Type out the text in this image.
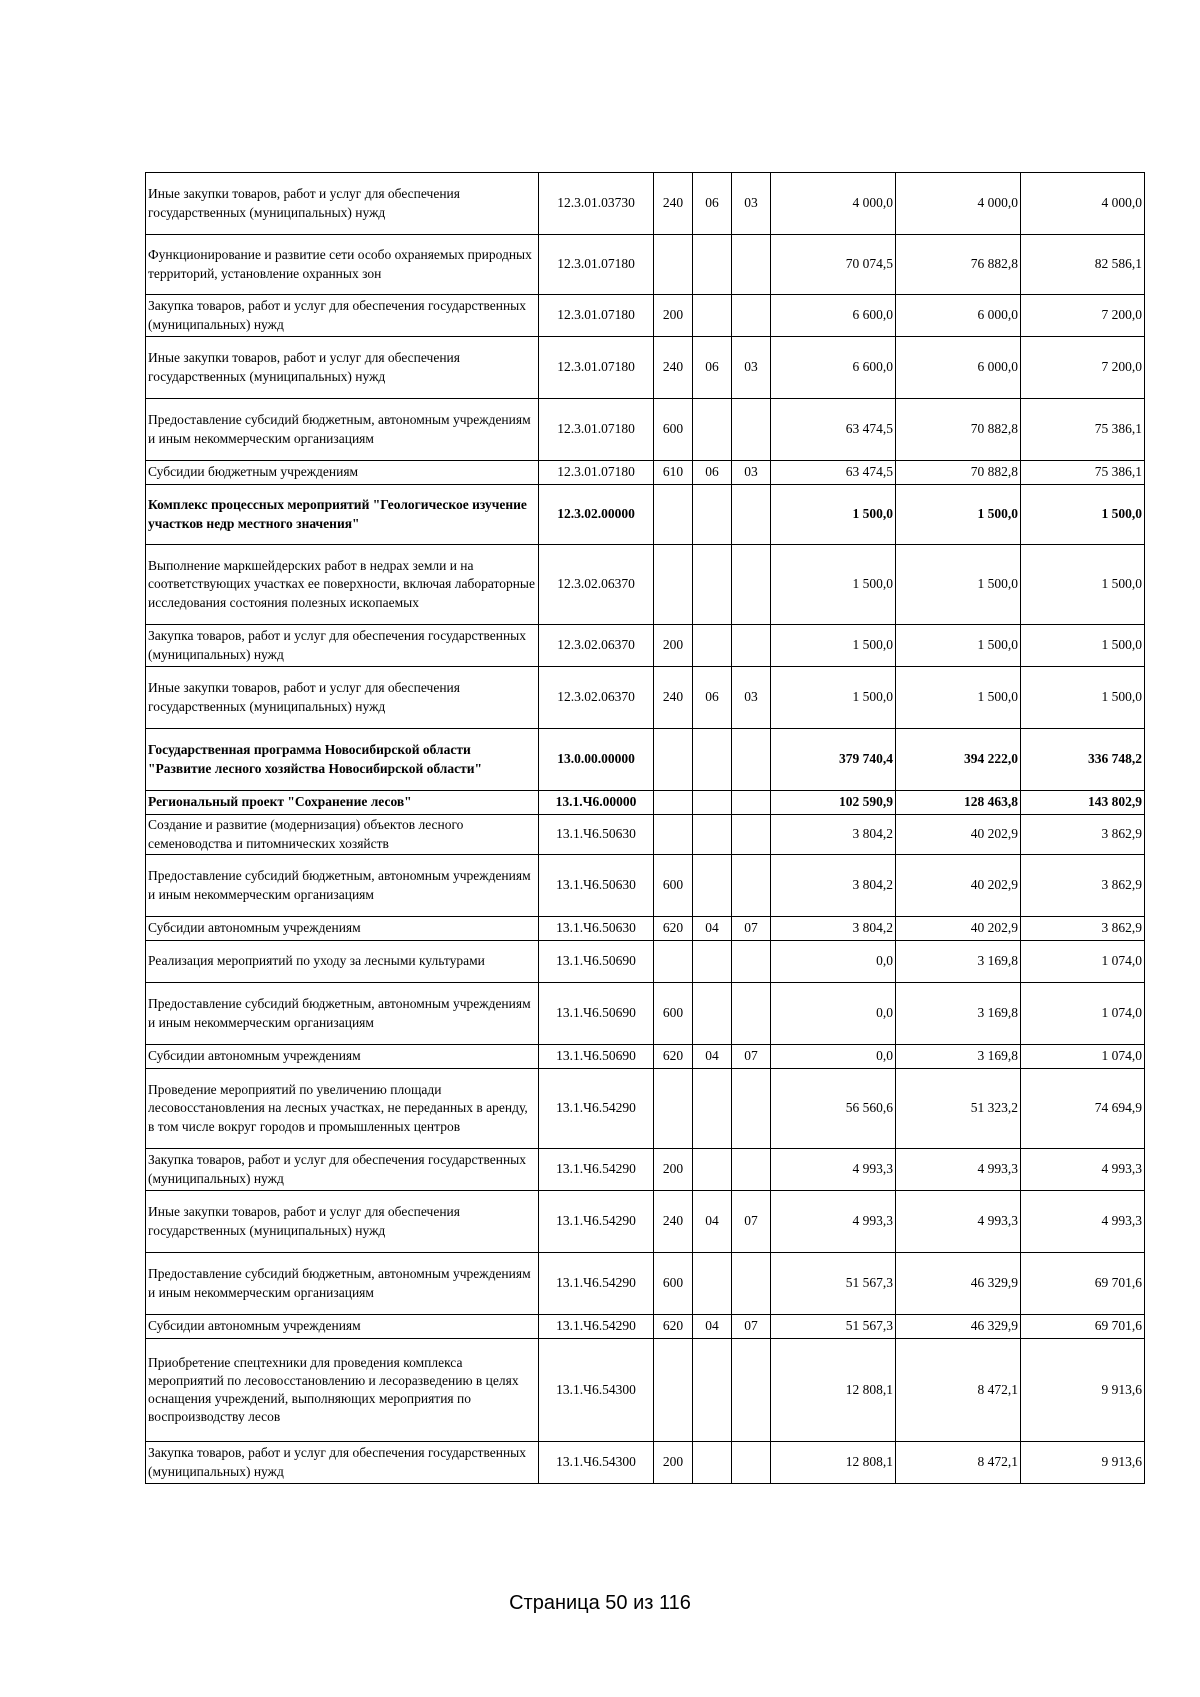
Иные закупки товаров, работ и услуг для обеспечения государственных (муниципальных) нужд	12.3.01.03730	240	06	03	4 000,0	4 000,0	4 000,0
Функционирование и развитие сети особо охраняемых природных территорий, установление охранных зон	12.3.01.07180				70 074,5	76 882,8	82 586,1
Закупка товаров, работ и услуг для обеспечения государственных (муниципальных) нужд	12.3.01.07180	200			6 600,0	6 000,0	7 200,0
Иные закупки товаров, работ и услуг для обеспечения государственных (муниципальных) нужд	12.3.01.07180	240	06	03	6 600,0	6 000,0	7 200,0
Предоставление субсидий бюджетным, автономным учреждениям и иным некоммерческим организациям	12.3.01.07180	600			63 474,5	70 882,8	75 386,1
Субсидии бюджетным учреждениям	12.3.01.07180	610	06	03	63 474,5	70 882,8	75 386,1
Комплекс процессных мероприятий "Геологическое изучение участков недр местного значения"	12.3.02.00000				1 500,0	1 500,0	1 500,0
Выполнение маркшейдерских работ в недрах земли и на соответствующих участках ее поверхности, включая лабораторные исследования состояния полезных ископаемых	12.3.02.06370				1 500,0	1 500,0	1 500,0
Закупка товаров, работ и услуг для обеспечения государственных (муниципальных) нужд	12.3.02.06370	200			1 500,0	1 500,0	1 500,0
Иные закупки товаров, работ и услуг для обеспечения государственных (муниципальных) нужд	12.3.02.06370	240	06	03	1 500,0	1 500,0	1 500,0
Государственная программа Новосибирской области "Развитие лесного хозяйства Новосибирской области"	13.0.00.00000				379 740,4	394 222,0	336 748,2
Региональный проект "Сохранение лесов"	13.1.Ч6.00000				102 590,9	128 463,8	143 802,9
Создание и развитие (модернизация) объектов лесного семеноводства и питомнических хозяйств	13.1.Ч6.50630				3 804,2	40 202,9	3 862,9
Предоставление субсидий бюджетным, автономным учреждениям и иным некоммерческим организациям	13.1.Ч6.50630	600			3 804,2	40 202,9	3 862,9
Субсидии автономным учреждениям	13.1.Ч6.50630	620	04	07	3 804,2	40 202,9	3 862,9
Реализация мероприятий по уходу за лесными культурами	13.1.Ч6.50690				0,0	3 169,8	1 074,0
Предоставление субсидий бюджетным, автономным учреждениям и иным некоммерческим организациям	13.1.Ч6.50690	600			0,0	3 169,8	1 074,0
Субсидии автономным учреждениям	13.1.Ч6.50690	620	04	07	0,0	3 169,8	1 074,0
Проведение мероприятий по увеличению площади лесовосстановления на лесных участках, не переданных в аренду, в том числе вокруг городов и промышленных центров	13.1.Ч6.54290				56 560,6	51 323,2	74 694,9
Закупка товаров, работ и услуг для обеспечения государственных (муниципальных) нужд	13.1.Ч6.54290	200			4 993,3	4 993,3	4 993,3
Иные закупки товаров, работ и услуг для обеспечения государственных (муниципальных) нужд	13.1.Ч6.54290	240	04	07	4 993,3	4 993,3	4 993,3
Предоставление субсидий бюджетным, автономным учреждениям и иным некоммерческим организациям	13.1.Ч6.54290	600			51 567,3	46 329,9	69 701,6
Субсидии автономным учреждениям	13.1.Ч6.54290	620	04	07	51 567,3	46 329,9	69 701,6
Приобретение спецтехники для проведения комплекса мероприятий по лесовосстановлению и лесоразведению в целях оснащения учреждений, выполняющих мероприятия по воспроизводству лесов	13.1.Ч6.54300				12 808,1	8 472,1	9 913,6
Закупка товаров, работ и услуг для обеспечения государственных (муниципальных) нужд	13.1.Ч6.54300	200			12 808,1	8 472,1	9 913,6
Страница 50 из 116
